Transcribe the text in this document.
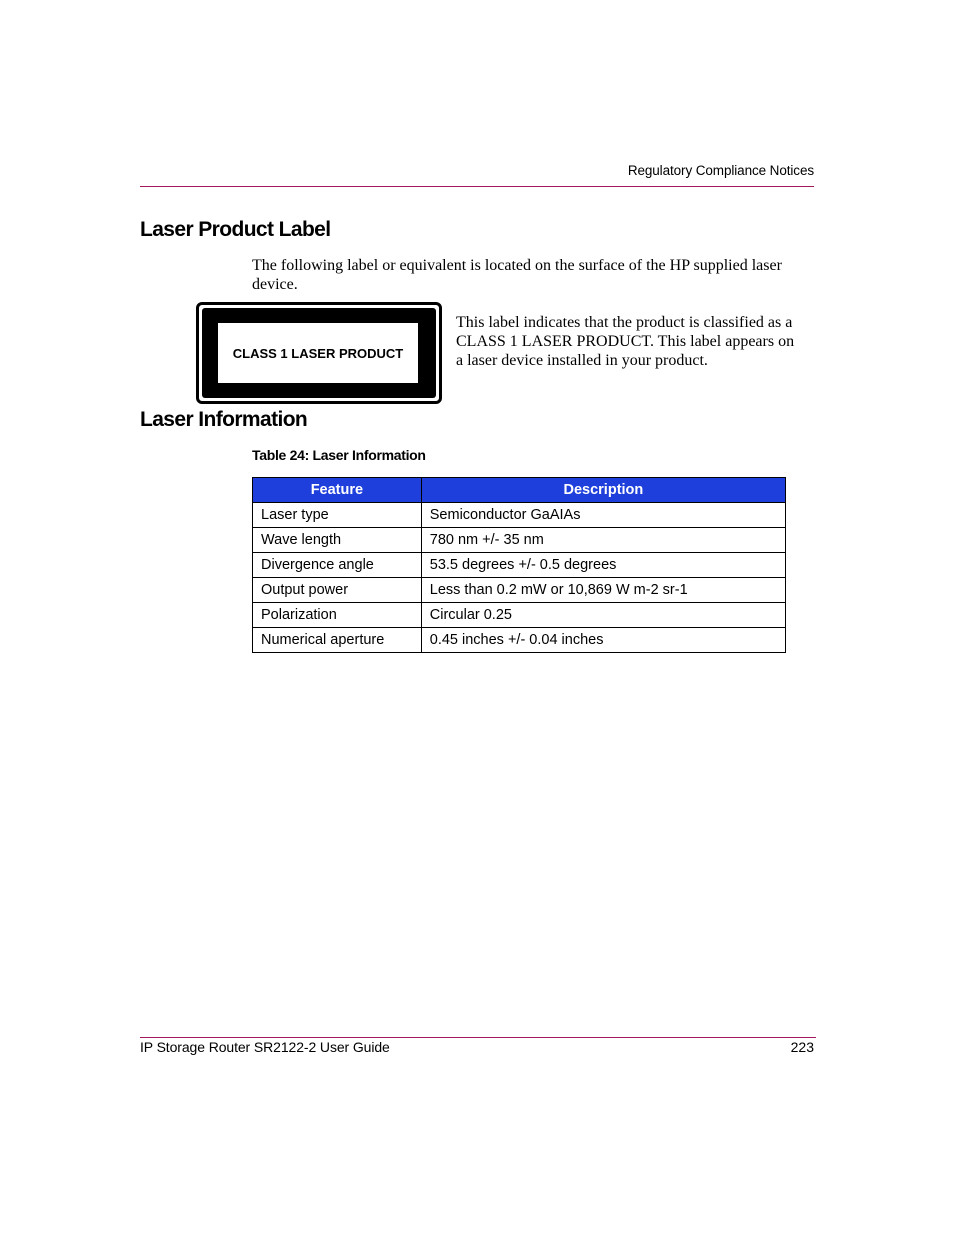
Regulatory Compliance Notices
Laser Product Label

The following label or equivalent is located on the surface of the HP supplied laser device.

CLASS 1 LASER PRODUCT

This label indicates that the product is classified as a CLASS 1 LASER PRODUCT. This label appears on a laser device installed in your product.

Laser Information
Table 24: Laser Information
Feature	Description
Laser type	Semiconductor GaAIAs
Wave length	780 nm +/- 35 nm
Divergence angle	53.5 degrees +/- 0.5 degrees
Output power	Less than 0.2 mW or 10,869 W m-2 sr-1
Polarization	Circular 0.25
Numerical aperture	0.45 inches +/- 0.04 inches
IP Storage Router SR2122-2 User Guide	223
